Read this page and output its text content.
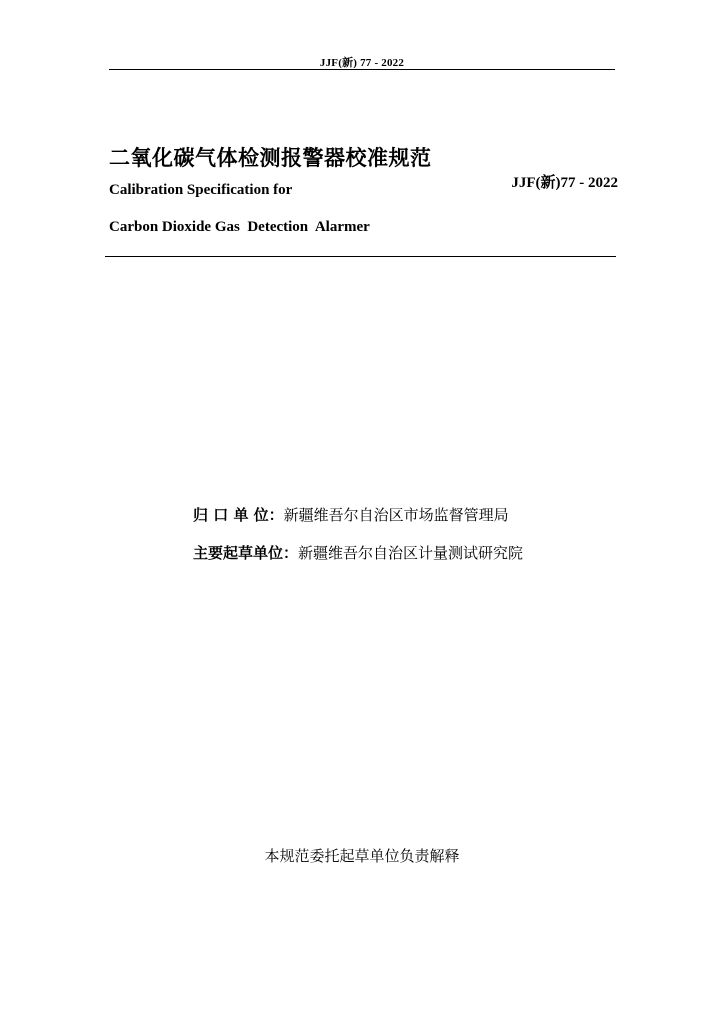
JJF(新) 77 - 2022
二氧化碳气体检测报警器校准规范
JJF(新)77 - 2022
Calibration Specification for
Carbon Dioxide Gas  Detection  Alarmer
归 口 单 位：新疆维吾尔自治区市场监督管理局
主要起草单位：新疆维吾尔自治区计量测试研究院
本规范委托起草单位负责解释
